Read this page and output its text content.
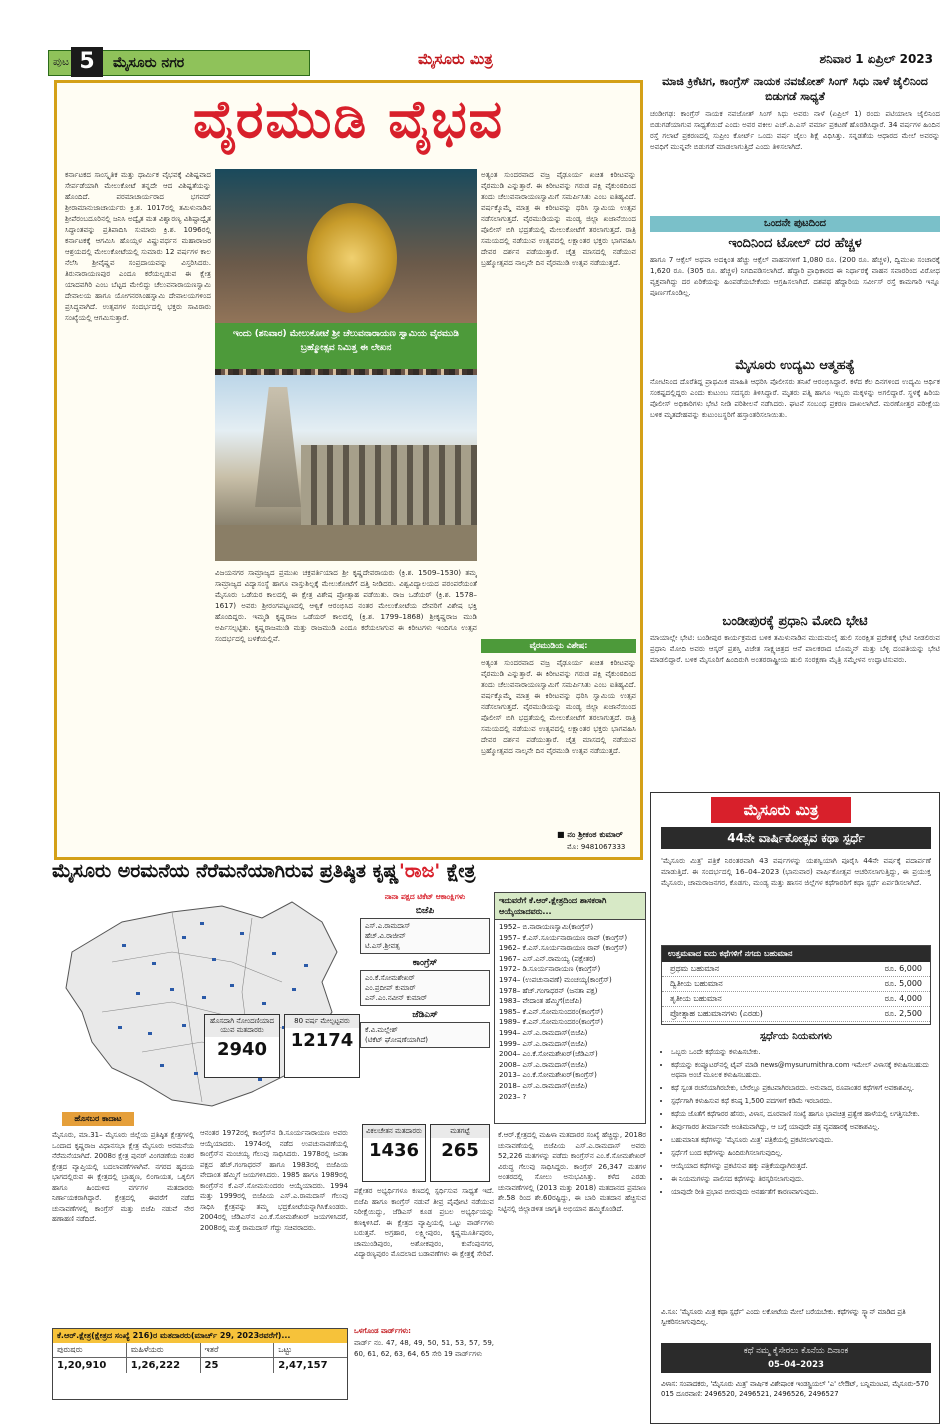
ಪುಟ 5	ಮೈಸೂರು ನಗರ	ಮೈಸೂರು ಮಿತ್ರ	ಶನಿವಾರ 1 ಏಪ್ರಿಲ್ 2023
ವೈರಮುಡಿ ವೈಭವ
ಕರ್ನಾಟಕದ ಸಾಂಸ್ಕೃತಿಕ ಮತ್ತು ಧಾರ್ಮಿಕ ವೈಭವಕ್ಕೆ ವಿಶಿಷ್ಟವಾದ ಸೇರ್ಪಡೆಯಾಗಿ ಮೇಲುಕೋಟೆ ತನ್ನದೇ ಆದ ವಿಶಿಷ್ಟತೆಯನ್ನು ಹೊಂದಿದೆ. ಪರಮಾಚಾರ್ಯರಾದ ಭಗವದ್ ಶ್ರೀರಾಮಾನುಜಾಚಾರ್ಯರು ಕ್ರಿ.ಶ. 1017ರಲ್ಲಿ ತಮಿಳುನಾಡಿನ ಶ್ರೀಪೆರಂಬದೂರಿನಲ್ಲಿ ಜನಿಸಿ ಅದ್ವೈತ ಮತ ವಿಶ್ವಾರಣ್ಯ ವಿಶಿಷ್ಟಾದ್ವೈತ ಸಿದ್ಧಾಂತವನ್ನು ಪ್ರತಿಪಾದಿಸಿ ಸುಮಾರು ಕ್ರಿ.ಶ. 1096ರಲ್ಲಿ ಕರ್ನಾಟಕಕ್ಕೆ ಆಗಮಿಸಿ ಹೊಯ್ಸಳ ವಿಷ್ಣುವರ್ಧನ ಮಹಾರಾಜರ ಆಶ್ರಯದಲ್ಲಿ ಮೇಲುಕೋಟೆಯಲ್ಲಿ ಸುಮಾರು 12 ವರ್ಷಗಳ ಕಾಲ ನೆಲೆಸಿ ಶ್ರೀವೈಷ್ಣವ ಸಂಪ್ರದಾಯವನ್ನು ವಿಸ್ತರಿಸಿದರು. ತಿರುನಾರಾಯಣಪುರ ಎಂದೂ ಕರೆಯಲ್ಪಡುವ ಈ ಕ್ಷೇತ್ರ ಯಾದವಗಿರಿ ಎಂಬ ಬೆಟ್ಟದ ಮೇಲಿದ್ದು ಚೆಲುವನಾರಾಯಣಸ್ವಾಮಿ ದೇವಾಲಯ ಹಾಗೂ ಯೋಗನರಸಿಂಹಸ್ವಾಮಿ ದೇವಾಲಯಗಳಿಂದ ಪ್ರಸಿದ್ಧವಾಗಿದೆ. ಉತ್ಸವಗಳ ಸಂದರ್ಭದಲ್ಲಿ ಭಕ್ತರು ಸಾವಿರಾರು ಸಂಖ್ಯೆಯಲ್ಲಿ ಆಗಮಿಸುತ್ತಾರೆ.
ಇಂದು (ಶನಿವಾರ) ಮೇಲುಕೋಟೆ ಶ್ರೀ ಚೆಲುವನಾರಾಯಣ ಸ್ವಾಮಿಯ ವೈರಮುಡಿ ಬ್ರಹ್ಮೋತ್ಸವ ನಿಮಿತ್ತ ಈ ಲೇಖನ
ವಿಜಯನಗರ ಸಾಮ್ರಾಜ್ಯದ ಪ್ರಮುಖ ಚಕ್ರವರ್ತಿಯಾದ ಶ್ರೀ ಕೃಷ್ಣದೇವರಾಯರು (ಕ್ರಿ.ಶ. 1509–1530) ತಮ್ಮ ಸಾಮ್ರಾಜ್ಯದ ವಿದ್ಯಾಸಂಸ್ಥೆ ಹಾಗೂ ವಾಸ್ತುಶಿಲ್ಪಕ್ಕೆ ಮೇಲುಕೋಟೆಗೆ ದತ್ತಿ ನೀಡಿದರು. ವಿಶ್ವವಿದ್ಯಾಲಯದ ಪರಂಪರೆಯಂತೆ ಮೈಸೂರು ಒಡೆಯರ ಕಾಲದಲ್ಲಿ ಈ ಕ್ಷೇತ್ರ ವಿಶೇಷ ಪ್ರೋತ್ಸಾಹ ಪಡೆಯಿತು. ರಾಜ ಒಡೆಯರ್ (ಕ್ರಿ.ಶ. 1578–1617) ಅವರು ಶ್ರೀರಂಗಪಟ್ಟಣದಲ್ಲಿ ಆಳ್ವಿಕೆ ಆರಂಭಿಸಿದ ನಂತರ ಮೇಲುಕೋಟೆಯ ದೇವರಿಗೆ ವಿಶೇಷ ಭಕ್ತಿ ಹೊಂದಿದ್ದರು. ಇಮ್ಮಡಿ ಕೃಷ್ಣರಾಜ ಒಡೆಯರ್ ಕಾಲದಲ್ಲಿ (ಕ್ರಿ.ಶ. 1799–1868) ಶ್ರೀಕೃಷ್ಣರಾಜ ಮುಡಿ ಅರ್ಪಿಸಲ್ಪಟ್ಟಿತು. ಕೃಷ್ಣರಾಜಮುಡಿ ಮತ್ತು ರಾಜಮುಡಿ ಎಂದೂ ಕರೆಯಲಾಗುವ ಈ ಕಿರೀಟಗಳು ಇಂದಿಗೂ ಉತ್ಸವ ಸಂದರ್ಭದಲ್ಲಿ ಬಳಕೆಯಲ್ಲಿವೆ.
ಅತ್ಯಂತ ಸುಂದರವಾದ ವಜ್ರ ವೈಢೂರ್ಯ ಖಚಿತ ಕಿರೀಟವನ್ನು ವೈರಮುಡಿ ಎನ್ನುತ್ತಾರೆ. ಈ ಕಿರೀಟವನ್ನು ಗರುಡ ಪಕ್ಷಿ ವೈಕುಂಠದಿಂದ ತಂದು ಚೆಲುವನಾರಾಯಣಸ್ವಾಮಿಗೆ ಸಮರ್ಪಿಸಿತು ಎಂಬ ಐತಿಹ್ಯವಿದೆ. ವರ್ಷಕ್ಕೊಮ್ಮೆ ಮಾತ್ರ ಈ ಕಿರೀಟವನ್ನು ಧರಿಸಿ ಸ್ವಾಮಿಯ ಉತ್ಸವ ನಡೆಸಲಾಗುತ್ತದೆ. ವೈರಮುಡಿಯನ್ನು ಮಂಡ್ಯ ಜಿಲ್ಲಾ ಖಜಾನೆಯಿಂದ ಪೊಲೀಸ್ ಬಿಗಿ ಭದ್ರತೆಯಲ್ಲಿ ಮೇಲುಕೋಟೆಗೆ ತರಲಾಗುತ್ತದೆ. ರಾತ್ರಿ ಸಮಯದಲ್ಲಿ ನಡೆಯುವ ಉತ್ಸವದಲ್ಲಿ ಲಕ್ಷಾಂತರ ಭಕ್ತರು ಭಾಗವಹಿಸಿ ದೇವರ ದರ್ಶನ ಪಡೆಯುತ್ತಾರೆ. ಚೈತ್ರ ಮಾಸದಲ್ಲಿ ನಡೆಯುವ ಬ್ರಹ್ಮೋತ್ಸವದ ನಾಲ್ಕನೇ ದಿನ ವೈರಮುಡಿ ಉತ್ಸವ ನಡೆಯುತ್ತದೆ.
ವೈರಮುಡಿಯ ವಿಶೇಷ:
ಅತ್ಯಂತ ಸುಂದರವಾದ ವಜ್ರ ವೈಢೂರ್ಯ ಖಚಿತ ಕಿರೀಟವನ್ನು ವೈರಮುಡಿ ಎನ್ನುತ್ತಾರೆ. ಈ ಕಿರೀಟವನ್ನು ಗರುಡ ಪಕ್ಷಿ ವೈಕುಂಠದಿಂದ ತಂದು ಚೆಲುವನಾರಾಯಣಸ್ವಾಮಿಗೆ ಸಮರ್ಪಿಸಿತು ಎಂಬ ಐತಿಹ್ಯವಿದೆ. ವರ್ಷಕ್ಕೊಮ್ಮೆ ಮಾತ್ರ ಈ ಕಿರೀಟವನ್ನು ಧರಿಸಿ ಸ್ವಾಮಿಯ ಉತ್ಸವ ನಡೆಸಲಾಗುತ್ತದೆ. ವೈರಮುಡಿಯನ್ನು ಮಂಡ್ಯ ಜಿಲ್ಲಾ ಖಜಾನೆಯಿಂದ ಪೊಲೀಸ್ ಬಿಗಿ ಭದ್ರತೆಯಲ್ಲಿ ಮೇಲುಕೋಟೆಗೆ ತರಲಾಗುತ್ತದೆ. ರಾತ್ರಿ ಸಮಯದಲ್ಲಿ ನಡೆಯುವ ಉತ್ಸವದಲ್ಲಿ ಲಕ್ಷಾಂತರ ಭಕ್ತರು ಭಾಗವಹಿಸಿ ದೇವರ ದರ್ಶನ ಪಡೆಯುತ್ತಾರೆ. ಚೈತ್ರ ಮಾಸದಲ್ಲಿ ನಡೆಯುವ ಬ್ರಹ್ಮೋತ್ಸವದ ನಾಲ್ಕನೇ ದಿನ ವೈರಮುಡಿ ಉತ್ಸವ ನಡೆಯುತ್ತದೆ.
■ ನಂ ಶ್ರೀಕಂಠ ಕುಮಾರ್
ಮೊ: 9481067333
ಮಾಜಿ ಕ್ರಿಕೆಟಿಗ, ಕಾಂಗ್ರೆಸ್ ನಾಯಕ ನವಜೋತ್ ಸಿಂಗ್ ಸಿಧು ನಾಳೆ ಜೈಲಿನಿಂದ ಬಿಡುಗಡೆ ಸಾಧ್ಯತೆ
ಚಂಡೀಗಢ: ಕಾಂಗ್ರೆಸ್ ನಾಯಕ ನವಜೋತ್ ಸಿಂಗ್ ಸಿಧು ಅವರು ನಾಳೆ (ಏಪ್ರಿಲ್ 1) ರಂದು ಪಟಿಯಾಲಾ ಜೈಲಿನಿಂದ ಬಿಡುಗಡೆಯಾಗುವ ಸಾಧ್ಯತೆಯಿದೆ ಎಂದು ಅವರ ವಕೀಲ ಎಚ್.ಪಿ.ಎಸ್ ವರ್ಮಾ ಪ್ರಕಟಣೆ ಹೊರಡಿಸಿದ್ದಾರೆ. 34 ವರ್ಷಗಳ ಹಿಂದಿನ ರಸ್ತೆ ಗಲಾಟೆ ಪ್ರಕರಣದಲ್ಲಿ ಸುಪ್ರೀಂ ಕೋರ್ಟ್ ಒಂದು ವರ್ಷ ಜೈಲು ಶಿಕ್ಷೆ ವಿಧಿಸಿತ್ತು. ಸನ್ನಡತೆಯ ಆಧಾರದ ಮೇಲೆ ಅವರನ್ನು ಅವಧಿಗೆ ಮುನ್ನವೇ ಬಿಡುಗಡೆ ಮಾಡಲಾಗುತ್ತಿದೆ ಎಂದು ತಿಳಿಸಲಾಗಿದೆ.
ಒಂದನೇ ಪುಟದಿಂದ
ಇಂದಿನಿಂದ ಟೋಲ್ ದರ ಹೆಚ್ಚಳ
ಹಾಗೂ 7 ಆಕ್ಸೆಲ್ ಅಥವಾ ಅದಕ್ಕಿಂತ ಹೆಚ್ಚು ಆಕ್ಸೆಲ್ ವಾಹನಗಳಿಗೆ 1,080 ರೂ. (200 ರೂ. ಹೆಚ್ಚಳ), ದ್ವಿಮುಖ ಸಂಚಾರಕ್ಕೆ 1,620 ರೂ. (305 ರೂ. ಹೆಚ್ಚಳ) ನಿಗದಿಪಡಿಸಲಾಗಿದೆ. ಹೆದ್ದಾರಿ ಪ್ರಾಧಿಕಾರದ ಈ ನಿರ್ಧಾರಕ್ಕೆ ವಾಹನ ಸವಾರರಿಂದ ವಿರೋಧ ವ್ಯಕ್ತವಾಗಿದ್ದು ದರ ಏರಿಕೆಯನ್ನು ಹಿಂಪಡೆಯಬೇಕೆಂದು ಆಗ್ರಹಿಸಲಾಗಿದೆ. ದಶಪಥ ಹೆದ್ದಾರಿಯ ಸರ್ವೀಸ್ ರಸ್ತೆ ಕಾಮಗಾರಿ ಇನ್ನೂ ಪೂರ್ಣಗೊಂಡಿಲ್ಲ.
ಮೈಸೂರು ಉದ್ಯಮಿ ಆತ್ಮಹತ್ಯೆ
ನೋಟಿನಿಂದ ದೊರೆತಿದ್ದ ಪ್ರಾಥಮಿಕ ಮಾಹಿತಿ ಆಧರಿಸಿ ಪೊಲೀಸರು ತನಿಖೆ ಆರಂಭಿಸಿದ್ದಾರೆ. ಕಳೆದ ಕೆಲ ದಿನಗಳಿಂದ ಉದ್ಯಮಿ ಆರ್ಥಿಕ ಸಂಕಷ್ಟದಲ್ಲಿದ್ದರು ಎಂದು ಕುಟುಂಬ ಸದಸ್ಯರು ತಿಳಿಸಿದ್ದಾರೆ. ಮೃತರು ಪತ್ನಿ ಹಾಗೂ ಇಬ್ಬರು ಮಕ್ಕಳನ್ನು ಅಗಲಿದ್ದಾರೆ. ಸ್ಥಳಕ್ಕೆ ಹಿರಿಯ ಪೊಲೀಸ್ ಅಧಿಕಾರಿಗಳು ಭೇಟಿ ನೀಡಿ ಪರಿಶೀಲನೆ ನಡೆಸಿದರು. ಘಟನೆ ಸಂಬಂಧ ಪ್ರಕರಣ ದಾಖಲಾಗಿದೆ. ಮರಣೋತ್ತರ ಪರೀಕ್ಷೆಯ ಬಳಿಕ ಮೃತದೇಹವನ್ನು ಕುಟುಂಬಸ್ಥರಿಗೆ ಹಸ್ತಾಂತರಿಸಲಾಯಿತು.
ಬಂಡೀಪುರಕ್ಕೆ ಪ್ರಧಾನಿ ಮೋದಿ ಭೇಟಿ
ಮಾಯಾಲ್ಲೇ ಭೇಟಿ: ಬಂಡೀಪುರ ಕಾರ್ಯಕ್ರಮದ ಬಳಿಕ ತಮಿಳುನಾಡಿನ ಮುದುಮಲೈ ಹುಲಿ ಸಂರಕ್ಷಿತ ಪ್ರದೇಶಕ್ಕೆ ಭೇಟಿ ನೀಡಲಿರುವ ಪ್ರಧಾನಿ ಮೋದಿ ಅವರು ಆಸ್ಕರ್ ಪ್ರಶಸ್ತಿ ವಿಜೇತ ಸಾಕ್ಷ್ಯಚಿತ್ರದ ಆನೆ ಪಾಲಕರಾದ ಬೊಮ್ಮನ್ ಮತ್ತು ಬೆಳ್ಳಿ ದಂಪತಿಯನ್ನು ಭೇಟಿ ಮಾಡಲಿದ್ದಾರೆ. ಬಳಿಕ ಮೈಸೂರಿಗೆ ಹಿಂದಿರುಗಿ ಅಂತರರಾಷ್ಟ್ರೀಯ ಹುಲಿ ಸಂರಕ್ಷಣಾ ಮೈತ್ರಿ ಸಮ್ಮೇಳನ ಉದ್ಘಾಟಿಸುವರು.
ಮೈಸೂರು ಮಿತ್ರ
44ನೇ ವಾರ್ಷಿಕೋತ್ಸವ ಕಥಾ ಸ್ಪರ್ಧೆ
'ಮೈಸೂರು ಮಿತ್ರ' ಪತ್ರಿಕೆ ನಿರಂತರವಾಗಿ 43 ವರ್ಷಗಳನ್ನು ಯಶಸ್ವಿಯಾಗಿ ಪೂರೈಸಿ 44ನೇ ವರ್ಷಕ್ಕೆ ಪದಾರ್ಪಣೆ ಮಾಡುತ್ತಿದೆ. ಈ ಸಂದರ್ಭದಲ್ಲಿ 16–04–2023 (ಭಾನುವಾರ) ವಾರ್ಷಿಕೋತ್ಸವ ಆಚರಿಸಲಾಗುತ್ತಿದ್ದು, ಈ ಪ್ರಯುಕ್ತ ಮೈಸೂರು, ಚಾಮರಾಜನಗರ, ಕೊಡಗು, ಮಂಡ್ಯ ಮತ್ತು ಹಾಸನ ಜಿಲ್ಲೆಗಳ ಕಥೆಗಾರರಿಗೆ ಕಥಾ ಸ್ಪರ್ಧೆ ಏರ್ಪಡಿಸಲಾಗಿದೆ.
ಉತ್ತಮವಾದ ಐದು ಕಥೆಗಳಿಗೆ ನಗದು ಬಹುಮಾನ
ಪ್ರಥಮ ಬಹುಮಾನ	ರೂ. 6,000
ದ್ವಿತೀಯ ಬಹುಮಾನ	ರೂ. 5,000
ತೃತೀಯ ಬಹುಮಾನ	ರೂ. 4,000
ಪ್ರೋತ್ಸಾಹ ಬಹುಮಾನಗಳು (ಎರಡು)	ರೂ. 2,500
ಸ್ಪರ್ಧೆಯ ನಿಯಮಗಳು
• ಒಬ್ಬರು ಒಂದೇ ಕಥೆಯನ್ನು ಕಳುಹಿಸಬೇಕು.
• ಕಥೆಯನ್ನು ಕಂಪ್ಯೂಟರ್‌ನಲ್ಲಿ ಟೈಪ್ ಮಾಡಿ news@mysurumithra.com ಇಮೇಲ್ ವಿಳಾಸಕ್ಕೆ ಕಳುಹಿಸಬಹುದು ಅಥವಾ ಅಂಚೆ ಮೂಲಕ ಕಳುಹಿಸಬಹುದು.
• ಕಥೆ ಸ್ವಂತ ರಚನೆಯಾಗಿರಬೇಕು, ಬೇರೆಲ್ಲೂ ಪ್ರಕಟವಾಗಿರಬಾರದು. ಅನುವಾದ, ರೂಪಾಂತರ ಕಥೆಗಳಿಗೆ ಅವಕಾಶವಿಲ್ಲ.
• ಸ್ಪರ್ಧೆಗಾಗಿ ಕಳುಹಿಸುವ ಕಥೆ ಕನಿಷ್ಠ 1,500 ಪದಗಳಿಗೆ ಕಡಿಮೆ ಇರಬಾರದು.
• ಕಥೆಯ ಜೊತೆಗೆ ಕಥೆಗಾರರ ಹೆಸರು, ವಿಳಾಸ, ದೂರವಾಣಿ ಸಂಖ್ಯೆ ಹಾಗೂ ಭಾವಚಿತ್ರ ಪ್ರತ್ಯೇಕ ಹಾಳೆಯಲ್ಲಿ ಲಗತ್ತಿಸಬೇಕು.
• ತೀರ್ಪುಗಾರರ ತೀರ್ಮಾನವೇ ಅಂತಿಮವಾಗಿದ್ದು, ಆ ಬಗ್ಗೆ ಯಾವುದೇ ಪತ್ರ ವ್ಯವಹಾರಕ್ಕೆ ಅವಕಾಶವಿಲ್ಲ.
• ಬಹುಮಾನಿತ ಕಥೆಗಳನ್ನು 'ಮೈಸೂರು ಮಿತ್ರ' ಪತ್ರಿಕೆಯಲ್ಲಿ ಪ್ರಕಟಿಸಲಾಗುವುದು.
• ಸ್ಪರ್ಧೆಗೆ ಬಂದ ಕಥೆಗಳನ್ನು ಹಿಂದಿರುಗಿಸಲಾಗುವುದಿಲ್ಲ.
• ಆಯ್ಕೆಯಾದ ಕಥೆಗಳನ್ನು ಪ್ರಕಟಿಸುವ ಹಕ್ಕು ಪತ್ರಿಕೆಯದ್ದಾಗಿರುತ್ತದೆ.
• ಈ ನಿಯಮಗಳನ್ನು ಪಾಲಿಸದ ಕಥೆಗಳನ್ನು ತಿರಸ್ಕರಿಸಲಾಗುವುದು.
• ಯಾವುದೇ ರೀತಿ ಪ್ರಭಾವ ಬೀರುವುದು ಅನರ್ಹತೆಗೆ ಕಾರಣವಾಗುವುದು.
ವಿ.ಸೂ: 'ಮೈಸೂರು ಮಿತ್ರ ಕಥಾ ಸ್ಪರ್ಧೆ' ಎಂದು ಲಕೋಟೆಯ ಮೇಲೆ ಬರೆಯಬೇಕು. ಕಥೆಗಳನ್ನು ಸ್ಕ್ಯಾನ್ ಮಾಡಿದ ಪ್ರತಿ ಸ್ವೀಕರಿಸಲಾಗುವುದಿಲ್ಲ.
ಕಥೆ ನಮ್ಮ ಕೈಸೇರಲು ಕೊನೆಯ ದಿನಾಂಕ
05–04–2023
ವಿಳಾಸ: ಸಂಪಾದಕರು, 'ಮೈಸೂರು ಮಿತ್ರ' ವಾರ್ಷಿಕ ವಿಶೇಷಾಂಕ ಇಂಡಸ್ಟ್ರಿಯಲ್ 'ಎ' ಲೇಔಟ್, ಬನ್ನಿಮಂಟಪ, ಮೈಸೂರು-570 015 ದೂರವಾಣಿ: 2496520, 2496521, 2496526, 2496527
ಮೈಸೂರು ಅರಮನೆಯ ನೆರೆಮನೆಯಾಗಿರುವ ಪ್ರತಿಷ್ಠಿತ ಕೃಷ್ಣ'ರಾಜ' ಕ್ಷೇತ್ರ
ಹೊಸದಾಗಿ ನೋಂದಣಿಯಾದ ಯುವ ಮತದಾರರು
2940
80 ವರ್ಷ ಮೇಲ್ಪಟ್ಟವರು
12174
ನಾನಾ ಪಕ್ಷದ ಟಿಕೆಟ್ ಆಕಾಂಕ್ಷಿಗಳು
ಬಿಜೆಪಿ
ಎಸ್.ಎ.ರಾಮದಾಸ್
ಹೆಚ್.ವಿ.ರಾಜೀವ್
ಟಿ.ಎಸ್.ಶ್ರೀವತ್ಸ
ಕಾಂಗ್ರೆಸ್
ಎಂ.ಕೆ.ಸೋಮಶೇಖರ್
ಎಂ.ಪ್ರದೀಪ್ ಕುಮಾರ್
ಎನ್.ಎಂ.ನವೀನ್ ಕುಮಾರ್
ಜೆಡಿಎಸ್
ಕೆ.ವಿ.ಮಲ್ಲೇಶ್
(ಟಿಕೆಟ್ ಘೋಷಣೆಯಾಗಿದೆ)
ವಿಕಲಚೇತನ ಮತದಾರರು
1436
ಮತಗಟ್ಟೆ
265
ಇದುವರೆಗೆ ಕೆ.ಆರ್.ಕ್ಷೇತ್ರದಿಂದ ಶಾಸಕರಾಗಿ ಆಯ್ಕೆಯಾದವರು...
1952– ಬಿ.ನಾರಾಯಣಸ್ವಾಮಿ(ಕಾಂಗ್ರೆಸ್)
1957– ಕೆ.ಎಸ್.ಸೂರ್ಯನಾರಾಯಣ ರಾವ್ (ಕಾಂಗ್ರೆಸ್)
1962– ಕೆ.ಎಸ್.ಸೂರ್ಯನಾರಾಯಣ ರಾವ್ (ಕಾಂಗ್ರೆಸ್)
1967– ಎಸ್.ಎನ್.ರಾಮಯ್ಯ (ಪಕ್ಷೇತರ)
1972– ಡಿ.ಸೂರ್ಯನಾರಾಯಣ (ಕಾಂಗ್ರೆಸ್)
1974– (ಉಪಚುನಾವಣೆ) ಮಂಚಯ್ಯ(ಕಾಂಗ್ರೆಸ್)
1978– ಹೆಚ್.ಗಂಗಾಧರನ್ (ಜನತಾ ಪಕ್ಷ)
1983– ವೇದಾಂತ ಹೆಮ್ಮಿಗೆ(ಬಿಜೆಪಿ)
1985– ಕೆ.ಎನ್.ಸೋಮಸುಂದರಂ(ಕಾಂಗ್ರೆಸ್)
1989– ಕೆ.ಎನ್.ಸೋಮಸುಂದರಂ(ಕಾಂಗ್ರೆಸ್)
1994– ಎಸ್.ಎ.ರಾಮದಾಸ್(ಬಿಜೆಪಿ)
1999– ಎಸ್.ಎ.ರಾಮದಾಸ್(ಬಿಜೆಪಿ)
2004– ಎಂ.ಕೆ.ಸೋಮಶೇಖರ್(ಜೆಡಿಎಸ್)
2008– ಎಸ್.ಎ.ರಾಮದಾಸ್(ಬಿಜೆಪಿ)
2013– ಎಂ.ಕೆ.ಸೋಮಶೇಖರ್(ಕಾಂಗ್ರೆಸ್)
2018– ಎಸ್.ಎ.ರಾಮದಾಸ್(ಬಿಜೆಪಿ)
2023– ?
ಹೊಸಬರ ಕಾದಾಟ
ಮೈಸೂರು, ಮಾ.31– ಮೈಸೂರು ಜಿಲ್ಲೆಯ ಪ್ರತಿಷ್ಠಿತ ಕ್ಷೇತ್ರಗಳಲ್ಲಿ ಒಂದಾದ ಕೃಷ್ಣರಾಜ ವಿಧಾನಸಭಾ ಕ್ಷೇತ್ರ ಮೈಸೂರು ಅರಮನೆಯ ನೆರೆಮನೆಯಾಗಿದೆ. 2008ರ ಕ್ಷೇತ್ರ ಪುನರ್ ವಿಂಗಡಣೆಯ ನಂತರ ಕ್ಷೇತ್ರದ ವ್ಯಾಪ್ತಿಯಲ್ಲಿ ಬದಲಾವಣೆಗಳಾಗಿವೆ. ನಗರದ ಹೃದಯ ಭಾಗದಲ್ಲಿರುವ ಈ ಕ್ಷೇತ್ರದಲ್ಲಿ ಬ್ರಾಹ್ಮಣ, ಲಿಂಗಾಯತ, ಒಕ್ಕಲಿಗ ಹಾಗೂ ಹಿಂದುಳಿದ ವರ್ಗಗಳ ಮತದಾರರು ನಿರ್ಣಾಯಕರಾಗಿದ್ದಾರೆ. ಕ್ಷೇತ್ರದಲ್ಲಿ ಈವರೆಗೆ ನಡೆದ ಚುನಾವಣೆಗಳಲ್ಲಿ ಕಾಂಗ್ರೆಸ್ ಮತ್ತು ಬಿಜೆಪಿ ನಡುವೆ ನೇರ ಹಣಾಹಣಿ ನಡೆದಿದೆ.
ಆನಂತರ 1972ರಲ್ಲಿ ಕಾಂಗ್ರೆಸ್‌ನ ಡಿ.ಸೂರ್ಯನಾರಾಯಣ ಅವರು ಆಯ್ಕೆಯಾದರು. 1974ರಲ್ಲಿ ನಡೆದ ಉಪಚುನಾವಣೆಯಲ್ಲಿ ಕಾಂಗ್ರೆಸ್‌ನ ಮಂಚಯ್ಯ ಗೆಲುವು ಸಾಧಿಸಿದರು. 1978ರಲ್ಲಿ ಜನತಾ ಪಕ್ಷದ ಹೆಚ್.ಗಂಗಾಧರನ್ ಹಾಗೂ 1983ರಲ್ಲಿ ಬಿಜೆಪಿಯ ವೇದಾಂತ ಹೆಮ್ಮಿಗೆ ಜಯಗಳಿಸಿದರು. 1985 ಹಾಗೂ 1989ರಲ್ಲಿ ಕಾಂಗ್ರೆಸ್‌ನ ಕೆ.ಎನ್.ಸೋಮಸುಂದರಂ ಆಯ್ಕೆಯಾದರು. 1994 ಮತ್ತು 1999ರಲ್ಲಿ ಬಿಜೆಪಿಯ ಎಸ್.ಎ.ರಾಮದಾಸ್ ಗೆಲುವು ಸಾಧಿಸಿ ಕ್ಷೇತ್ರವನ್ನು ತಮ್ಮ ಭದ್ರಕೋಟೆಯನ್ನಾಗಿಸಿಕೊಂಡರು. 2004ರಲ್ಲಿ ಜೆಡಿಎಸ್‌ನ ಎಂ.ಕೆ.ಸೋಮಶೇಖರ್ ಜಯಗಳಿಸಿದರೆ, 2008ರಲ್ಲಿ ಮತ್ತೆ ರಾಮದಾಸ್ ಗೆದ್ದು ಸಚಿವರಾದರು.
ಪಕ್ಷೇತರ ಅಭ್ಯರ್ಥಿಗಳೂ ಕಣದಲ್ಲಿ ಸ್ಪರ್ಧಿಸುವ ಸಾಧ್ಯತೆ ಇದೆ. ಬಿಜೆಪಿ ಹಾಗೂ ಕಾಂಗ್ರೆಸ್ ನಡುವೆ ತೀವ್ರ ಪೈಪೋಟಿ ನಡೆಯುವ ನಿರೀಕ್ಷೆಯಿದ್ದು, ಜೆಡಿಎಸ್ ಕೂಡ ಪ್ರಬಲ ಅಭ್ಯರ್ಥಿಯನ್ನು ಕಣಕ್ಕಿಳಿಸಿದೆ. ಈ ಕ್ಷೇತ್ರದ ವ್ಯಾಪ್ತಿಯಲ್ಲಿ ಒಟ್ಟು ವಾರ್ಡ್‌ಗಳು ಬರುತ್ತವೆ. ಅಗ್ರಹಾರ, ಲಕ್ಷ್ಮೀಪುರಂ, ಕೃಷ್ಣಮೂರ್ತಿಪುರಂ, ಚಾಮುಂಡಿಪುರಂ, ಅಶೋಕಪುರಂ, ಕುವೆಂಪುನಗರ, ವಿದ್ಯಾರಣ್ಯಪುರಂ ಮೊದಲಾದ ಬಡಾವಣೆಗಳು ಈ ಕ್ಷೇತ್ರಕ್ಕೆ ಸೇರಿವೆ.
ಒಳಗೊಂಡ ವಾರ್ಡ್‌ಗಳು:
ವಾರ್ಡ್ ನಂ. 47, 48, 49, 50, 51, 53, 57, 59, 60, 61, 62, 63, 64, 65 ಸೇರಿ 19 ವಾರ್ಡ್‌ಗಳು
ಕೆ.ಆರ್.ಕ್ಷೇತ್ರದಲ್ಲಿ ಮಹಿಳಾ ಮತದಾರರ ಸಂಖ್ಯೆ ಹೆಚ್ಚಿದ್ದು, 2018ರ ಚುನಾವಣೆಯಲ್ಲಿ ಬಿಜೆಪಿಯ ಎಸ್.ಎ.ರಾಮದಾಸ್ ಅವರು 52,226 ಮತಗಳನ್ನು ಪಡೆದು ಕಾಂಗ್ರೆಸ್‌ನ ಎಂ.ಕೆ.ಸೋಮಶೇಖರ್ ವಿರುದ್ಧ ಗೆಲುವು ಸಾಧಿಸಿದ್ದರು. ಕಾಂಗ್ರೆಸ್ 26,347 ಮತಗಳ ಅಂತರದಲ್ಲಿ ಸೋಲು ಅನುಭವಿಸಿತ್ತು. ಕಳೆದ ಎರಡು ಚುನಾವಣೆಗಳಲ್ಲಿ (2013 ಮತ್ತು 2018) ಮತದಾನದ ಪ್ರಮಾಣ ಶೇ.58 ರಿಂದ ಶೇ.60ರಷ್ಟಿದ್ದು, ಈ ಬಾರಿ ಮತದಾನ ಹೆಚ್ಚಿಸುವ ನಿಟ್ಟಿನಲ್ಲಿ ಜಿಲ್ಲಾಡಳಿತ ಜಾಗೃತಿ ಅಭಿಯಾನ ಹಮ್ಮಿಕೊಂಡಿದೆ.
ಕೆ.ಆರ್.ಕ್ಷೇತ್ರ(ಕ್ಷೇತ್ರದ ಸಂಖ್ಯೆ 216)ರ ಮತದಾರರು(ಮಾರ್ಚ್ 29, 2023ರವರೆಗೆ)...
ಪುರುಷರು	ಮಹಿಳೆಯರು	ಇತರೆ	ಒಟ್ಟು
1,20,910	1,26,222	25	2,47,157
